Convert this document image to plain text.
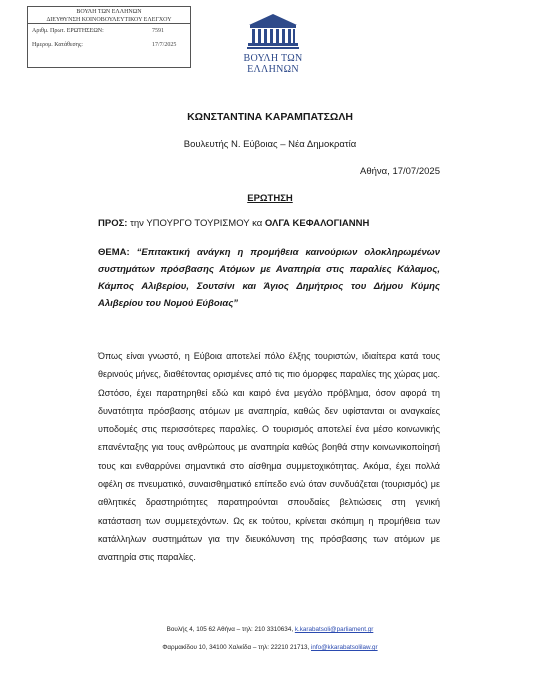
ΒΟΥΛΗ ΤΩΝ ΕΛΛΗΝΩΝ
ΔΙΕΥΘΥΝΣΗ ΚΟΙΝΟΒΟΥΛΕΥΤΙΚΟΥ ΕΛΕΓΧΟΥ
Αριθμ. Πρωτ. ΕΡΩΤΗΣΕΩΝ:	7591
Ημερομ. Κατάθεσης:	17/7/2025
ΒΟΥΛΗ ΤΩΝ ΕΛΛΗΝΩΝ
ΚΩΝΣΤΑΝΤΙΝΑ ΚΑΡΑΜΠΑΤΣΩΛΗ
Βουλευτής Ν. Εύβοιας – Νέα Δημοκρατία
Αθήνα, 17/07/2025
ΕΡΩΤΗΣΗ
ΠΡΟΣ: την ΥΠΟΥΡΓΟ ΤΟΥΡΙΣΜΟΥ κα ΟΛΓΑ ΚΕΦΑΛΟΓΙΑΝΝΗ
ΘΕΜΑ: “Επιτακτική ανάγκη η προμήθεια καινούριων ολοκληρωμένων συστημάτων πρόσβασης Ατόμων με Αναπηρία στις παραλίες Κάλαμος, Κάμπος Αλιβερίου, Σουτσίνι και Άγιος Δημήτριος του Δήμου Κύμης Αλιβερίου του Νομού Εύβοιας”
Όπως είναι γνωστό, η Εύβοια αποτελεί πόλο έλξης τουριστών, ιδιαίτερα κατά τους θερινούς μήνες, διαθέτοντας ορισμένες από τις πιο όμορφες παραλίες της χώρας μας. Ωστόσο, έχει παρατηρηθεί εδώ και καιρό ένα μεγάλο πρόβλημα, όσον αφορά τη δυνατότητα πρόσβασης ατόμων με αναπηρία, καθώς δεν υφίστανται οι αναγκαίες υποδομές στις περισσότερες παραλίες. Ο τουρισμός αποτελεί ένα μέσο κοινωνικής επανένταξης για τους ανθρώπους με αναπηρία καθώς βοηθά στην κοινωνικοποίησή τους και ενθαρρύνει σημαντικά στο αίσθημα συμμετοχικότητας. Ακόμα, έχει πολλά οφέλη σε πνευματικό, συναισθηματικό επίπεδο ενώ όταν συνδυάζεται (τουρισμός) με αθλητικές δραστηριότητες παρατηρούνται σπουδαίες βελτιώσεις στη γενική κατάσταση των συμμετεχόντων. Ως εκ τούτου, κρίνεται σκόπιμη η προμήθεια των κατάλληλων συστημάτων για την διευκόλυνση της πρόσβασης των ατόμων με αναπηρία στις παραλίες.
Βουλής 4, 105 62 Αθήνα – τηλ: 210 3310634, k.karabatsoli@parliament.gr
Φαρμακίδου 10, 34100 Χαλκίδα – τηλ: 22210 21713, info@kkarabatsolilaw.gr
